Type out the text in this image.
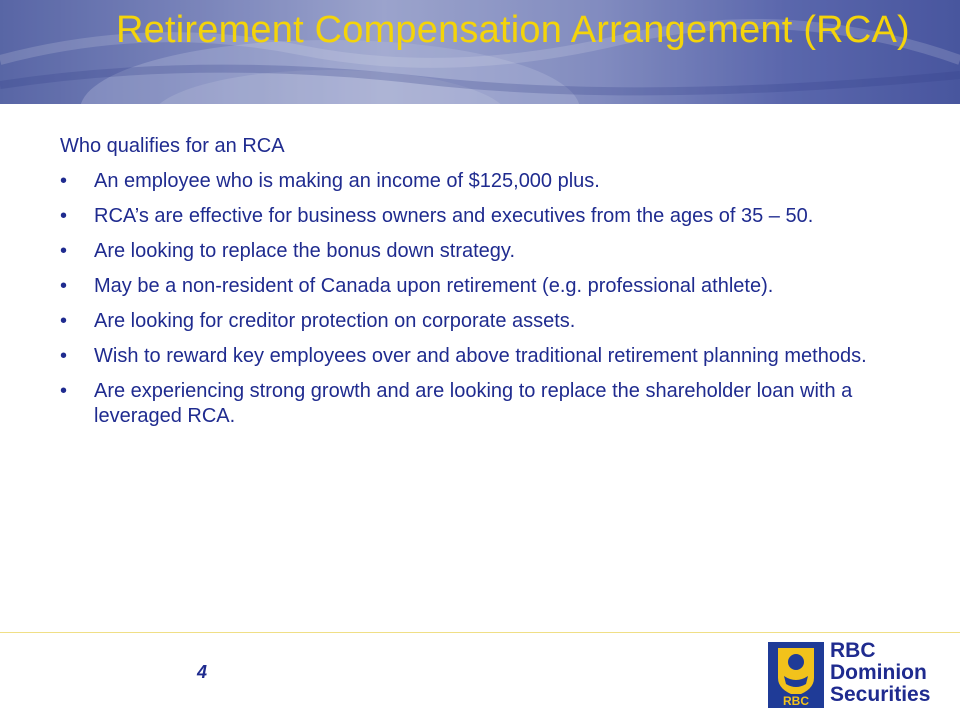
Retirement Compensation Arrangement (RCA)

Who qualifies for an RCA

• An employee who is making an income of $125,000 plus.
• RCA’s are effective for business owners and executives from the ages of 35 – 50.
• Are looking to replace the bonus down strategy.
• May be a non-resident of Canada upon retirement (e.g. professional athlete).
• Are looking for creditor protection on corporate assets.
• Wish to reward key employees over and above traditional retirement planning methods.
• Are experiencing strong growth and are looking to replace the shareholder loan with a leveraged RCA.
4
RBC
RBC
Dominion
Securities
